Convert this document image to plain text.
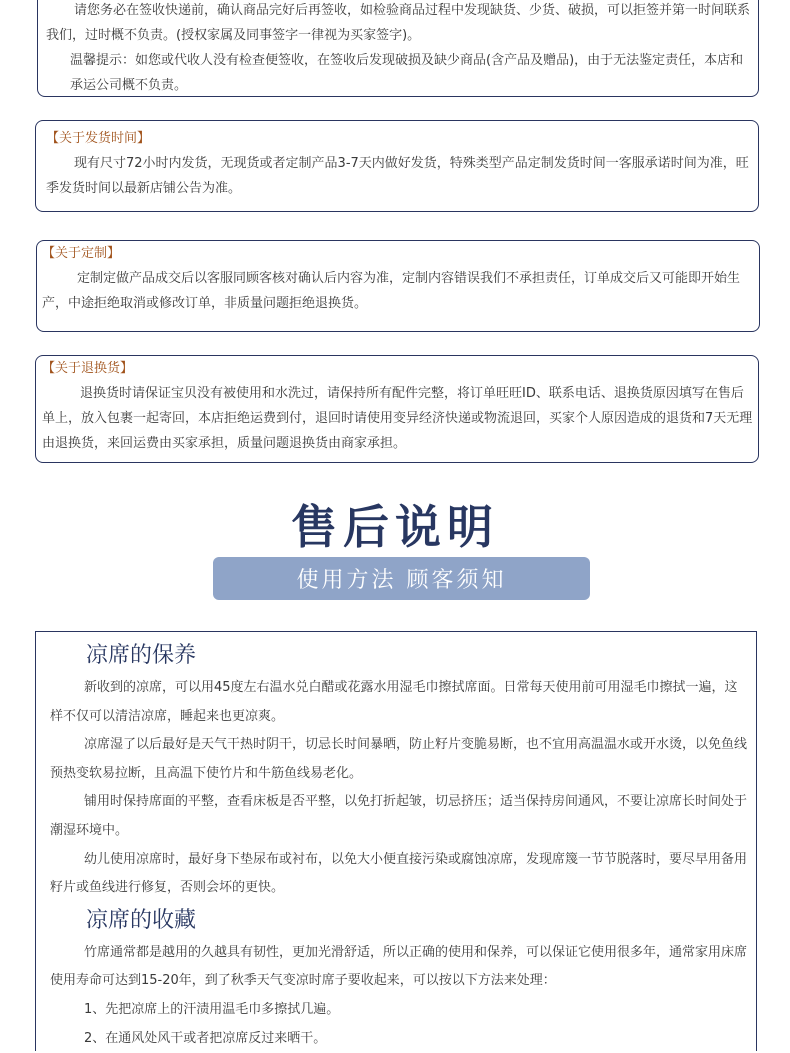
请您务必在签收快递前，确认商品完好后再签收，如检验商品过程中发现缺货、少货、破损，可以拒签并第一时间联系我们，过时概不负责。(授权家属及同事签字一律视为买家签字)。

温馨提示：如您或代收人没有检查便签收，在签收后发现破损及缺少商品(含产品及赠品)，由于无法鉴定责任，本店和承运公司概不负责。

【关于发货时间】

现有尺寸72小时内发货，无现货或者定制产品3-7天内做好发货，特殊类型产品定制发货时间一客服承诺时间为准，旺季发货时间以最新店铺公告为准。

【关于定制】

定制定做产品成交后以客服同顾客核对确认后内容为准，定制内容错误我们不承担责任，订单成交后又可能即开始生产，中途拒绝取消或修改订单，非质量问题拒绝退换货。

【关于退换货】

退换货时请保证宝贝没有被使用和水洗过，请保持所有配件完整，将订单旺旺ID、联系电话、退换货原因填写在售后单上，放入包裹一起寄回，本店拒绝运费到付，退回时请使用变异经济快递或物流退回，买家个人原因造成的退货和7天无理由退换货，来回运费由买家承担，质量问题退换货由商家承担。

售后说明
使用方法 顾客须知
凉席的保养

新收到的凉席，可以用45度左右温水兑白醋或花露水用湿毛巾擦拭席面。日常每天使用前可用湿毛巾擦拭一遍，这样不仅可以清洁凉席，睡起来也更凉爽。

凉席湿了以后最好是天气干热时阴干，切忌长时间暴晒，防止籽片变脆易断，也不宜用高温温水或开水烫，以免鱼线预热变软易拉断，且高温下使竹片和牛筋鱼线易老化。

铺用时保持席面的平整，查看床板是否平整，以免打折起皱，切忌挤压；适当保持房间通风，不要让凉席长时间处于潮湿环境中。

幼儿使用凉席时，最好身下垫尿布或衬布，以免大小便直接污染或腐蚀凉席，发现席篾一节节脱落时，要尽早用备用籽片或鱼线进行修复，否则会坏的更快。

凉席的收藏

竹席通常都是越用的久越具有韧性，更加光滑舒适，所以正确的使用和保养，可以保证它使用很多年，通常家用床席使用寿命可达到15-20年，到了秋季天气变凉时席子要收起来，可以按以下方法来处理：

1、先把凉席上的汗渍用温毛巾多擦拭几遍。

2、在通风处风干或者把凉席反过来晒干。
